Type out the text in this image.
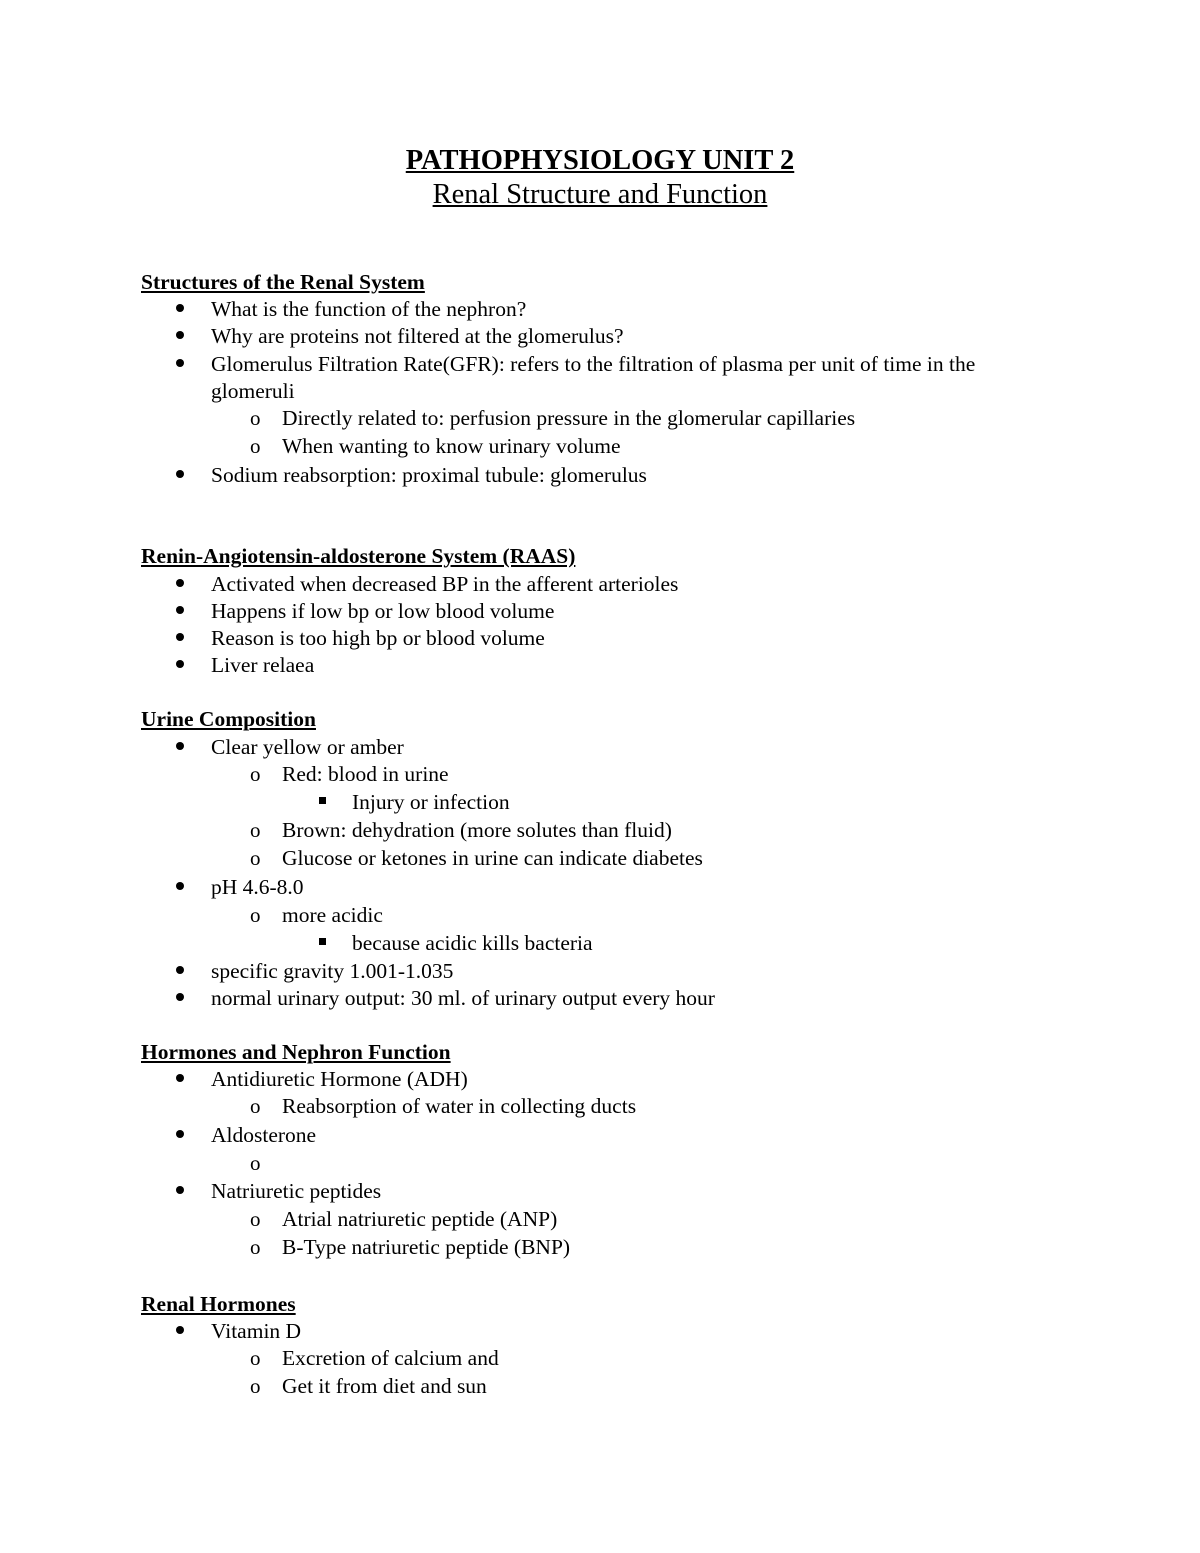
PATHOPHYSIOLOGY UNIT 2
Renal Structure and Function
Structures of the Renal System
What is the function of the nephron?
Why are proteins not filtered at the glomerulus?
Glomerulus Filtration Rate(GFR): refers to the filtration of plasma per unit of time in the
glomeruli
o Directly related to: perfusion pressure in the glomerular capillaries
o When wanting to know urinary volume
Sodium reabsorption: proximal tubule: glomerulus
Renin-Angiotensin-aldosterone System (RAAS)
Activated when decreased BP in the afferent arterioles
Happens if low bp or low blood volume
Reason is too high bp or blood volume
Liver relaea
Urine Composition
Clear yellow or amber
o Red: blood in urine
Injury or infection
o Brown: dehydration (more solutes than fluid)
o Glucose or ketones in urine can indicate diabetes
pH 4.6-8.0
o more acidic
because acidic kills bacteria
specific gravity 1.001-1.035
normal urinary output: 30 ml. of urinary output every hour
Hormones and Nephron Function
Antidiuretic Hormone (ADH)
o Reabsorption of water in collecting ducts
Aldosterone
o
Natriuretic peptides
o Atrial natriuretic peptide (ANP)
o B-Type natriuretic peptide (BNP)
Renal Hormones
Vitamin D
o Excretion of calcium and
o Get it from diet and sun
